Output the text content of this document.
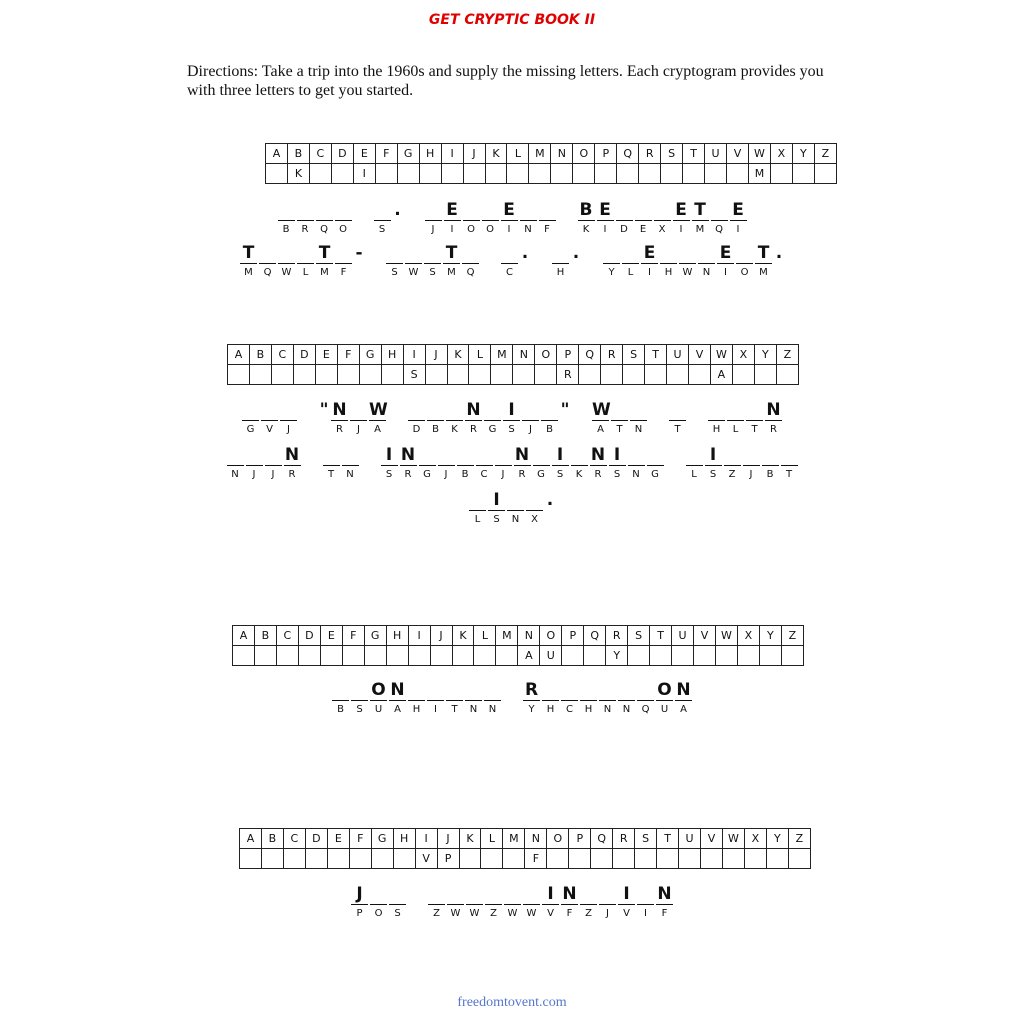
GET CRYPTIC BOOK II
Directions: Take a trip into the 1960s and supply the missing letters. Each cryptogram provides you with three letters to get you started.
A	B	C	D	E	F	G	H	I	J	K	L	M	N	O	P	Q	R	S	T	U	V	W	X	Y	Z
	K			I																		M			
B R Q O	S
.
J
E
I O O
E
I N F
B
K
E
I D E X
E
I
T
M Q
E
I
T
M Q W L
T
M F
-
S W S
T
M Q	C
.
H
.
Y L
E
I H W N
E
I O
T
M
.
A	B	C	D	E	F	G	H	I	J	K	L	M	N	O	P	Q	R	S	T	U	V	W	X	Y	Z
								S							R							A			
G V J
" N
R J
W
A	D B K
N
R G
I
S J B
" W
A T N	T	H L T
N
R
N J J
N
R	T N
I
S
N
R G J B C J
N
R G
I
S K
N
R
I
S N G	L
I
S Z J B T
L
I
S N X
.
A	B	C	D	E	F	G	H	I	J	K	L	M	N	O	P	Q	R	S	T	U	V	W	X	Y	Z
													A	U			Y								
B S
O
U
N
A H I T N N
R
Y H C H N N Q
O
U
N
A
A	B	C	D	E	F	G	H	I	J	K	L	M	N	O	P	Q	R	S	T	U	V	W	X	Y	Z
								V	P				F												
J
P O S	Z W W Z W W
I
V
N
F Z J
I
V I
N
F
freedomtovent.com
